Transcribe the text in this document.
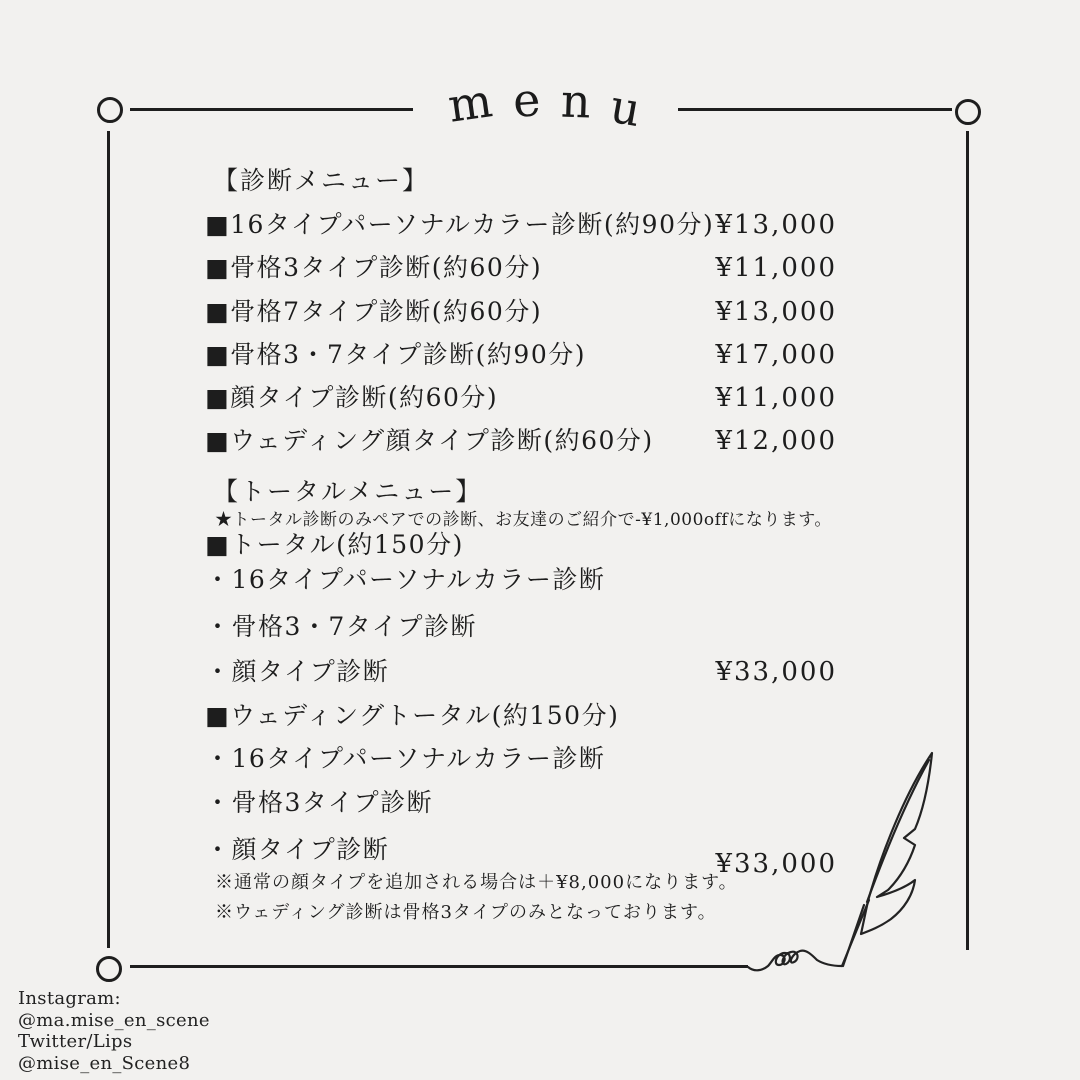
m e n u
【診断メニュー】
■16タイプパーソナルカラー診断(約90分) ¥13,000
■骨格3タイプ診断(約60分)	¥11,000
■骨格7タイプ診断(約60分)	¥13,000
■骨格3・7タイプ診断(約90分)	¥17,000
■顔タイプ診断(約60分)	¥11,000
■ウェディング顔タイプ診断(約60分) ¥12,000
【トータルメニュー】
★トータル診断のみペアでの診断、お友達のご紹介で-¥1,000offになります。
■トータル(約150分)
・16タイプパーソナルカラー診断
・骨格3・7タイプ診断
・顔タイプ診断	¥33,000
■ウェディングトータル(約150分)
・16タイプパーソナルカラー診断
・骨格3タイプ診断
・顔タイプ診断	¥33,000
※通常の顔タイプを追加される場合は＋¥8,000になります。
※ウェディング診断は骨格3タイプのみとなっております。
Instagram:
@ma.mise_en_scene
Twitter/Lips
@mise_en_Scene8
